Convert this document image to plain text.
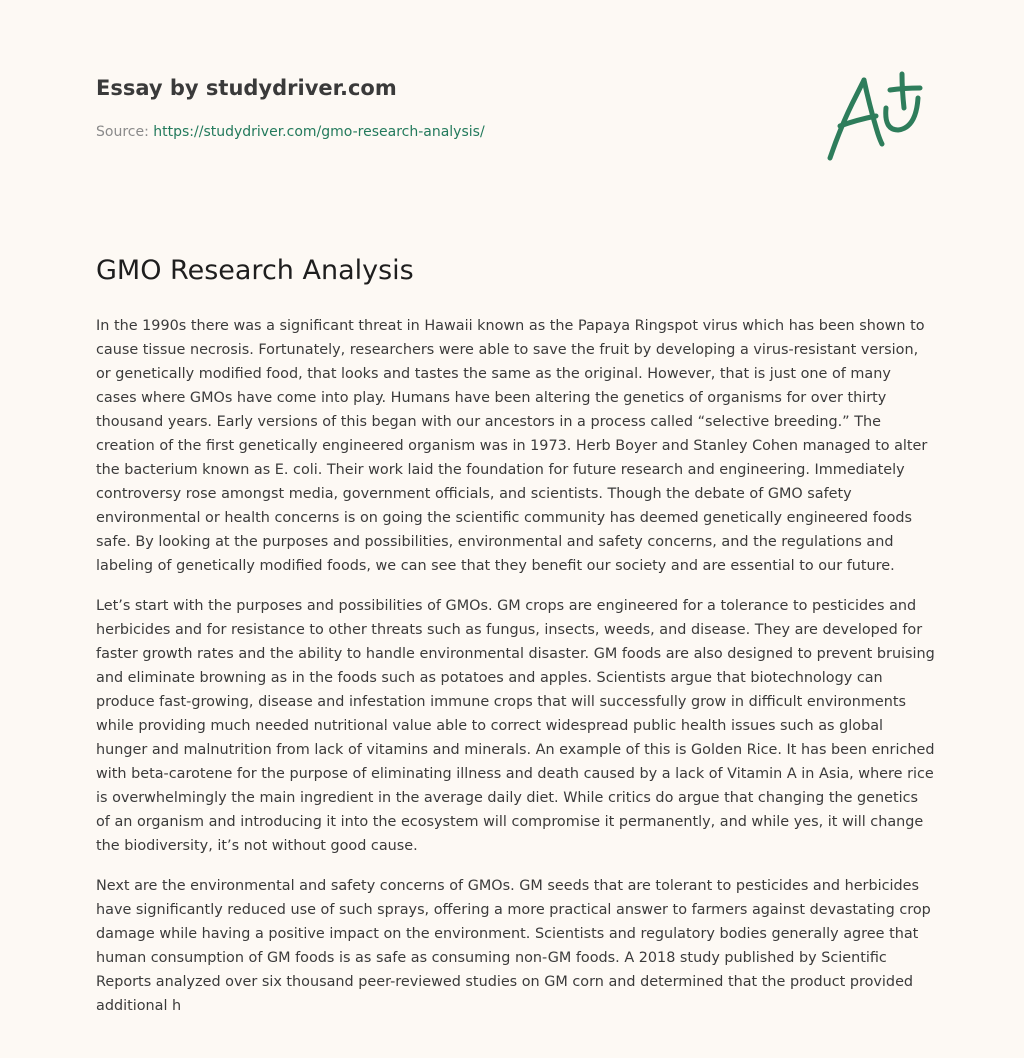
Essay by studydriver.com
Source: https://studydriver.com/gmo-research-analysis/
GMO Research Analysis

In the 1990s there was a significant threat in Hawaii known as the Papaya Ringspot virus which has been shown to cause tissue necrosis. Fortunately, researchers were able to save the fruit by developing a virus-resistant version, or genetically modified food, that looks and tastes the same as the original. However, that is just one of many cases where GMOs have come into play. Humans have been altering the genetics of organisms for over thirty thousand years. Early versions of this began with our ancestors in a process called “selective breeding.” The creation of the first genetically engineered organism was in 1973. Herb Boyer and Stanley Cohen managed to alter the bacterium known as E. coli. Their work laid the foundation for future research and engineering. Immediately controversy rose amongst media, government officials, and scientists. Though the debate of GMO safety environmental or health concerns is on going the scientific community has deemed genetically engineered foods safe. By looking at the purposes and possibilities, environmental and safety concerns, and the regulations and labeling of genetically modified foods, we can see that they benefit our society and are essential to our future.

Let’s start with the purposes and possibilities of GMOs. GM crops are engineered for a tolerance to pesticides and herbicides and for resistance to other threats such as fungus, insects, weeds, and disease. They are developed for faster growth rates and the ability to handle environmental disaster. GM foods are also designed to prevent bruising and eliminate browning as in the foods such as potatoes and apples. Scientists argue that biotechnology can produce fast-growing, disease and infestation immune crops that will successfully grow in difficult environments while providing much needed nutritional value able to correct widespread public health issues such as global hunger and malnutrition from lack of vitamins and minerals. An example of this is Golden Rice. It has been enriched with beta-carotene for the purpose of eliminating illness and death caused by a lack of Vitamin A in Asia, where rice is overwhelmingly the main ingredient in the average daily diet. While critics do argue that changing the genetics of an organism and introducing it into the ecosystem will compromise it permanently, and while yes, it will change the biodiversity, it’s not without good cause.

Next are the environmental and safety concerns of GMOs. GM seeds that are tolerant to pesticides and herbicides have significantly reduced use of such sprays, offering a more practical answer to farmers against devastating crop damage while having a positive impact on the environment. Scientists and regulatory bodies generally agree that human consumption of GM foods is as safe as consuming non-GM foods. A 2018 study published by Scientific Reports analyzed over six thousand peer-reviewed studies on GM corn and determined that the product provided additional h
